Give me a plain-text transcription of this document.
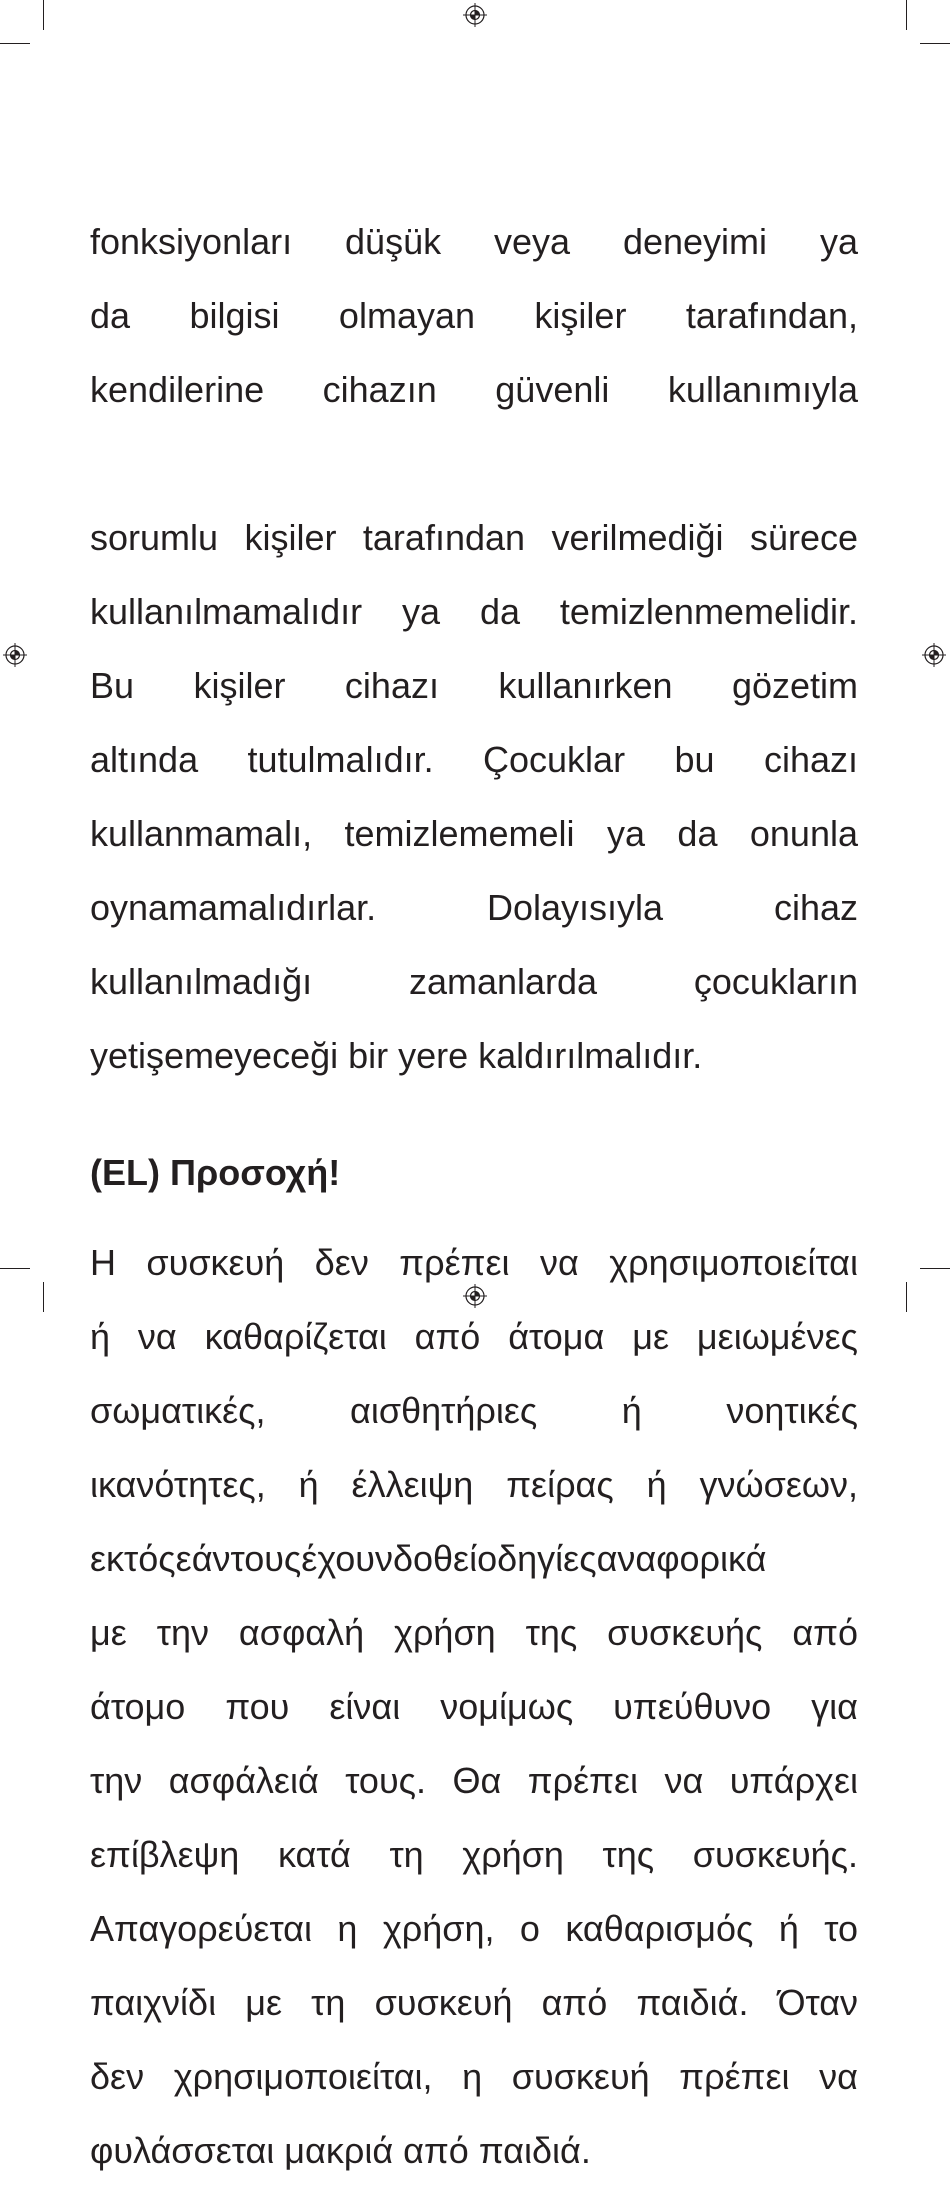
fonksiyonları düşük veya deneyimi ya

da bilgisi olmayan kişiler tarafından,

kendilerine cihazın güvenli kullanımıyla

sorumlu kişiler tarafından verilmediği sürece

kullanılmamalıdır ya da temizlenmemelidir.

Bu kişiler cihazı kullanırken gözetim

altında tutulmalıdır. Çocuklar bu cihazı

kullanmamalı, temizlememeli ya da onunla

oynamamalıdırlar. Dolayısıyla cihaz

kullanılmadığı zamanlarda çocukların

yetişemeyeceği bir yere kaldırılmalıdır.

(EL) Προσοχή!

Η συσκευή δεν πρέπει να χρησιμοποιείται

ή να καθαρίζεται από άτομα με μειωμένες

σωματικές, αισθητήριες ή νοητικές

ικανότητες, ή έλλειψη πείρας ή γνώσεων,

εκτόςεάντουςέχουνδοθείοδηγίεςαναφορικά

με την ασφαλή χρήση της συσκευής από

άτομο που είναι νομίμως υπεύθυνο για

την ασφάλειά τους. Θα πρέπει να υπάρχει

επίβλεψη κατά τη χρήση της συσκευής.

Απαγορεύεται η χρήση, ο καθαρισμός ή το

παιχνίδι με τη συσκευή από παιδιά. Όταν

δεν χρησιμοποιείται, η συσκευή πρέπει να

φυλάσσεται μακριά από παιδιά.
